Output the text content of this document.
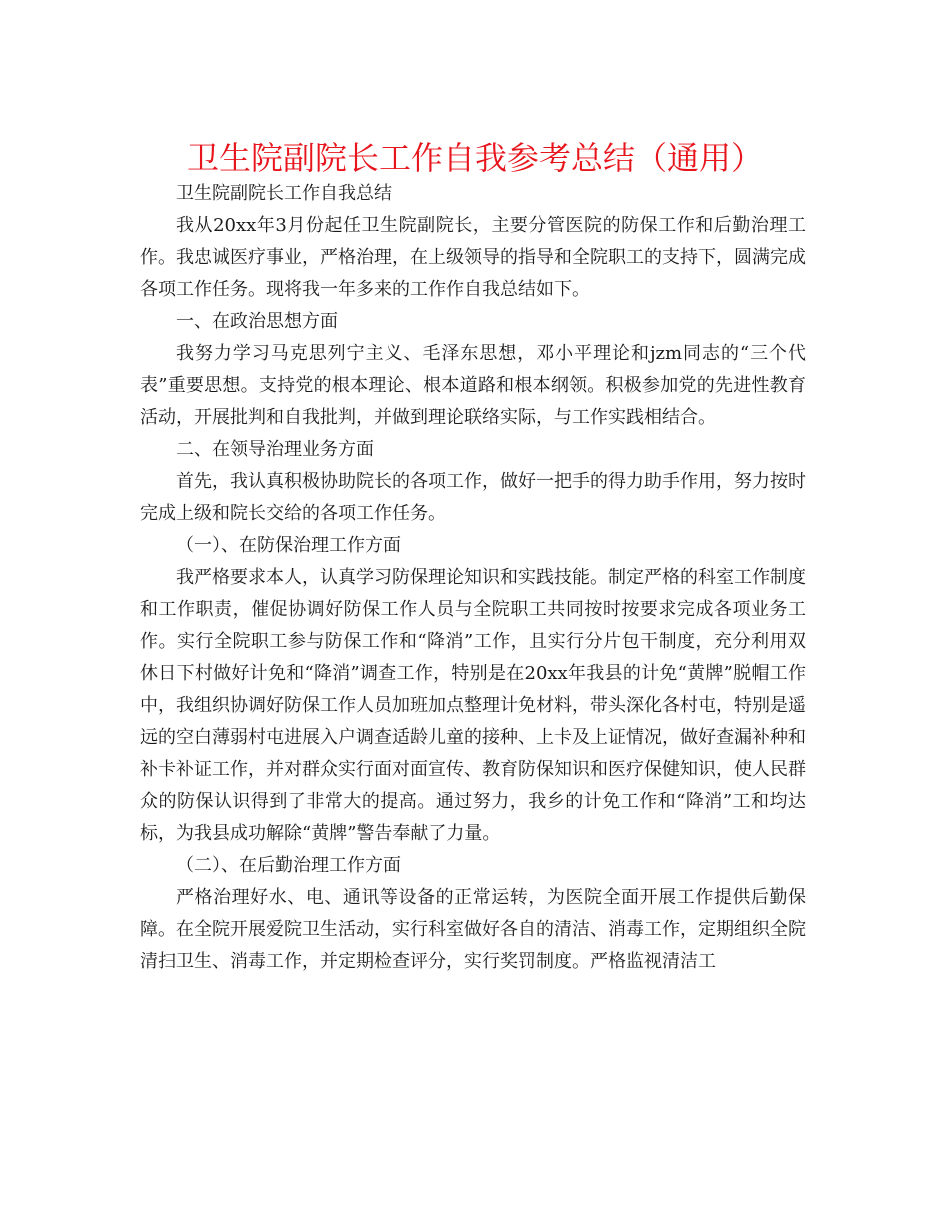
卫生院副院长工作自我参考总结（通用）

卫生院副院长工作自我总结

我从20xx年3月份起任卫生院副院长，主要分管医院的防保工作和后勤治理工作。我忠诚医疗事业，严格治理，在上级领导的指导和全院职工的支持下，圆满完成各项工作任务。现将我一年多来的工作作自我总结如下。

一、在政治思想方面

我努力学习马克思列宁主义、毛泽东思想，邓小平理论和jzm同志的“三个代表”重要思想。支持党的根本理论、根本道路和根本纲领。积极参加党的先进性教育活动，开展批判和自我批判，并做到理论联络实际，与工作实践相结合。

二、在领导治理业务方面

首先，我认真积极协助院长的各项工作，做好一把手的得力助手作用，努力按时完成上级和院长交给的各项工作任务。

（一）、在防保治理工作方面

我严格要求本人，认真学习防保理论知识和实践技能。制定严格的科室工作制度和工作职责，催促协调好防保工作人员与全院职工共同按时按要求完成各项业务工作。实行全院职工参与防保工作和“降消”工作，且实行分片包干制度，充分利用双休日下村做好计免和“降消”调查工作，特别是在20xx年我县的计免“黄牌”脱帽工作中，我组织协调好防保工作人员加班加点整理计免材料，带头深化各村屯，特别是遥远的空白薄弱村屯进展入户调查适龄儿童的接种、上卡及上证情况，做好查漏补种和补卡补证工作，并对群众实行面对面宣传、教育防保知识和医疗保健知识，使人民群众的防保认识得到了非常大的提高。通过努力，我乡的计免工作和“降消”工和均达标，为我县成功解除“黄牌”警告奉献了力量。

（二）、在后勤治理工作方面

严格治理好水、电、通讯等设备的正常运转，为医院全面开展工作提供后勤保障。在全院开展爱院卫生活动，实行科室做好各自的清洁、消毒工作，定期组织全院清扫卫生、消毒工作，并定期检查评分，实行奖罚制度。严格监视清洁工
